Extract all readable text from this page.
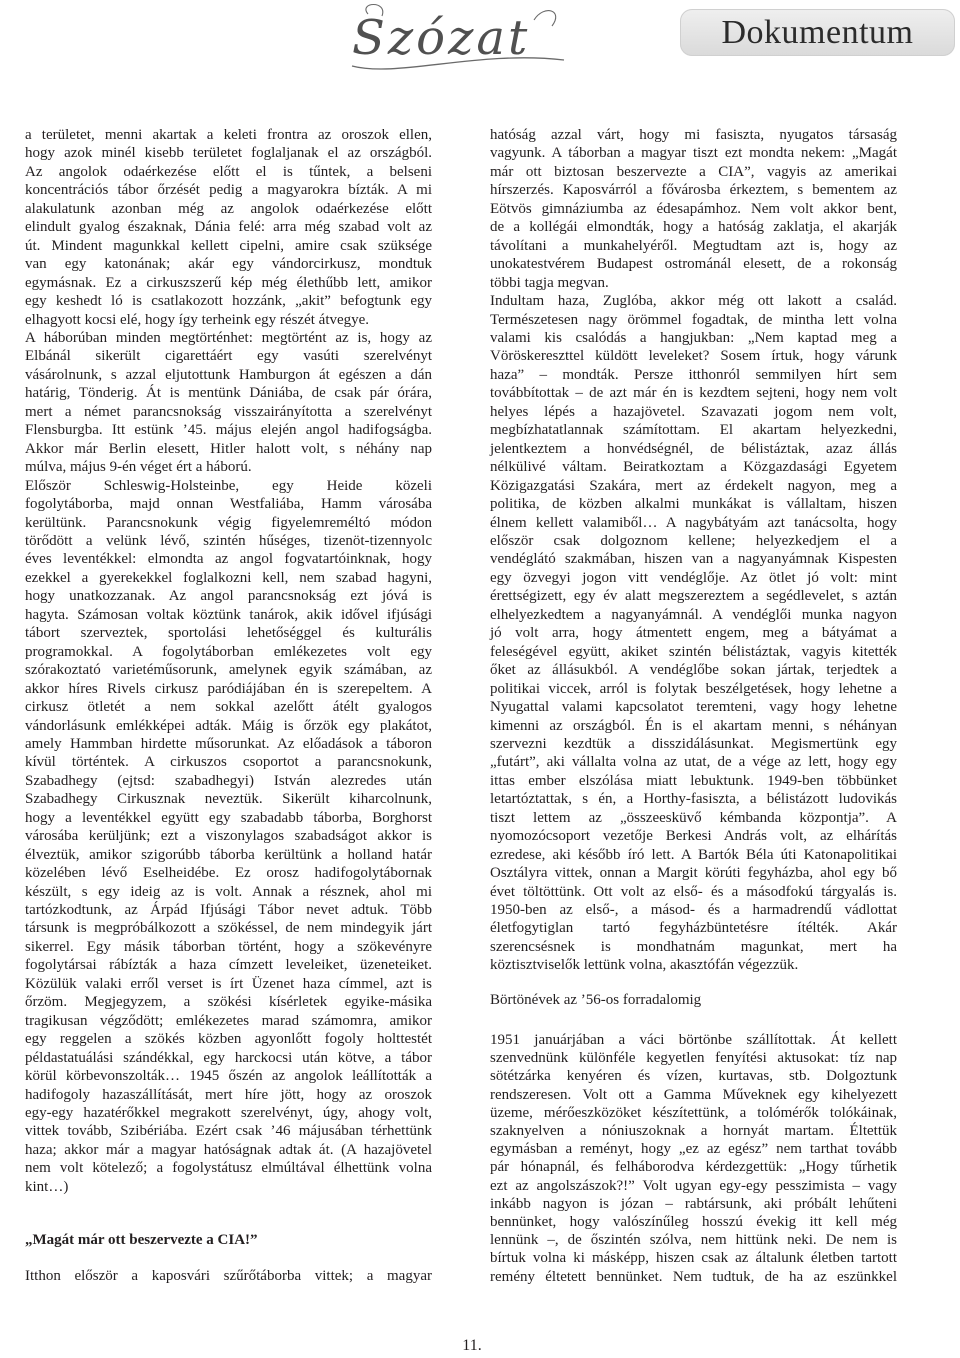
Szózat	Dokumentum
a területet, menni akartak a keleti frontra az oroszok ellen,
hogy azok minél kisebb területet foglaljanak el az országból.
Az angolok odaérkezése előtt el is tűntek, a belseni
koncentrációs tábor őrzését pedig a magyarokra bízták. A mi
alakulatunk azonban még az angolok odaérkezése előtt
elindult gyalog északnak, Dánia felé: arra még szabad volt az
út. Mindent magunkkal kellett cipelni, amire csak szüksége
van egy katonának; akár egy vándorcirkusz, mondtuk
egymásnak. Ez a cirkuszszerű kép még élethűbb lett, amikor
egy keshedt ló is csatlakozott hozzánk, „akit” befogtunk egy
elhagyott kocsi elé, hogy így terheink egy részét átvegye.
A háborúban minden megtörténhet: megtörtént az is, hogy az
Elbánál sikerült cigarettáért egy vasúti szerelvényt
vásárolnunk, s azzal eljutottunk Hamburgon át egészen a dán
határig, Tönderig. Át is mentünk Dániába, de csak pár órára,
mert a német parancsnokság visszairányította a szerelvényt
Flensburgba. Itt estünk ’45. május elején angol hadifogságba.
Akkor már Berlin elesett, Hitler halott volt, s néhány nap
múlva, május 9-én véget ért a háború.
Először Schleswig-Holsteinbe, egy Heide közeli
fogolytáborba, majd onnan Westfaliába, Hamm városába
kerültünk. Parancsnokunk végig figyelemreméltó módon
törődött a velünk lévő, szintén hűséges, tizenöt-tizennyolc
éves leventékkel: elmondta az angol fogvatartóinknak, hogy
ezekkel a gyerekekkel foglalkozni kell, nem szabad hagyni,
hogy unatkozzanak. Az angol parancsnokság ezt jóvá is
hagyta. Számosan voltak köztünk tanárok, akik idővel ifjúsági
tábort szerveztek, sportolási lehetőséggel és kulturális
programokkal. A fogolytáborban emlékezetes volt egy
szórakoztató varietéműsorunk, amelynek egyik számában, az
akkor híres Rivels cirkusz paródiájában én is szerepeltem. A
cirkusz ötletét a nem sokkal azelőtt átélt gyalogos
vándorlásunk emlékképei adták. Máig is őrzök egy plakátot,
amely Hammban hirdette műsorunkat. Az előadások a táboron
kívül történtek. A cirkuszos csoportot a parancsnokunk,
Szabadhegy (ejtsd: szabadhegyi) István alezredes után
Szabadhegy Cirkusznak neveztük. Sikerült kiharcolnunk,
hogy a leventékkel együtt egy szabadabb táborba, Borghorst
városába kerüljünk; ezt a viszonylagos szabadságot akkor is
élveztük, amikor szigorúbb táborba kerültünk a holland határ
közelében lévő Eselheidébe. Ez orosz hadifogolytábornak
készült, s egy ideig az is volt. Annak a résznek, ahol mi
tartózkodtunk, az Árpád Ifjúsági Tábor nevet adtuk. Több
társunk is megpróbálkozott a szökéssel, de nem mindegyik járt
sikerrel. Egy másik táborban történt, hogy a szökevényre
fogolytársai rábízták a haza címzett leveleiket, üzeneteiket.
Közülük valaki erről verset is írt Üzenet haza címmel, azt is
őrzöm. Megjegyzem, a szökési kísérletek egyike-másika
tragikusan végződött; emlékezetes marad számomra, amikor
egy reggelen a szökés közben agyonlőtt fogoly holttestét
példastatuálási szándékkal, egy harckocsi után kötve, a tábor
körül körbevonszolták… 1945 őszén az angolok leállították a
hadifogoly hazaszállítását, mert híre jött, hogy az oroszok
egy-egy hazatérőkkel megrakott szerelvényt, úgy, ahogy volt,
vittek tovább, Szibériába. Ezért csak ’46 májusában térhettünk
haza; akkor már a magyar hatóságnak adtak át. (A hazajövetel
nem volt kötelező; a fogolystátusz elmúltával élhettünk volna
kint…)
„Magát már ott beszervezte a CIA!”
Itthon először a kaposvári szűrőtáborba vittek; a magyar
hatóság azzal várt, hogy mi fasiszta, nyugatos társaság
vagyunk. A táborban a magyar tiszt ezt mondta nekem: „Magát
már ott biztosan beszervezte a CIA”, vagyis az amerikai
hírszerzés. Kaposvárról a fővárosba érkeztem, s bementem az
Eötvös gimnáziumba az édesapámhoz. Nem volt akkor bent,
de a kollégái elmondták, hogy a hatóság zaklatja, el akarják
távolítani a munkahelyéről. Megtudtam azt is, hogy az
unokatestvérem Budapest ostrománál elesett, de a rokonság
többi tagja megvan.
Indultam haza, Zuglóba, akkor még ott lakott a család.
Természetesen nagy örömmel fogadtak, de mintha lett volna
valami kis csalódás a hangjukban: „Nem kaptad meg a
Vöröskereszttel küldött leveleket? Sosem írtuk, hogy várunk
haza” – mondták. Persze itthonról semmilyen hírt sem
továbbítottak – de azt már én is kezdtem sejteni, hogy nem volt
helyes lépés a hazajövetel. Szavazati jogom nem volt,
megbízhatatlannak számítottam. El akartam helyezkedni,
jelentkeztem a honvédségnél, de bélistáztak, azaz állás
nélkülivé váltam. Beiratkoztam a Közgazdasági Egyetem
Közigazgatási Szakára, mert az érdekelt nagyon, meg a
politika, de közben alkalmi munkákat is vállaltam, hiszen
élnem kellett valamiből… A nagybátyám azt tanácsolta, hogy
először csak dolgoznom kellene; helyezkedjem el a
vendéglátó szakmában, hiszen van a nagyanyámnak Kispesten
egy özvegyi jogon vitt vendéglője. Az ötlet jó volt: mint
érettségizett, egy év alatt megszereztem a segédlevelet, s aztán
elhelyezkedtem a nagyanyámnál. A vendéglői munka nagyon
jó volt arra, hogy átmentett engem, meg a bátyámat a
feleségével együtt, akiket szintén bélistáztak, vagyis kitették
őket az állásukból. A vendéglőbe sokan jártak, terjedtek a
politikai viccek, arról is folytak beszélgetések, hogy lehetne a
Nyugattal valami kapcsolatot teremteni, vagy hogy lehetne
kimenni az országból. Én is el akartam menni, s néhányan
szervezni kezdtük a disszidálásunkat. Megismertünk egy
„futárt”, aki vállalta volna az utat, de a vége az lett, hogy egy
ittas ember elszólása miatt lebuktunk. 1949-ben többünket
letartóztattak, s én, a Horthy-fasiszta, a bélistázott ludovikás
tiszt lettem az „összeesküvő kémbanda központja”. A
nyomozócsoport vezetője Berkesi András volt, az elhárítás
ezredese, aki később író lett. A Bartók Béla úti Katonapolitikai
Osztályra vittek, onnan a Margit körúti fegyházba, ahol egy bő
évet töltöttünk. Ott volt az első- és a másodfokú tárgyalás is.
1950-ben az első-, a másod- és a harmadrendű vádlottat
életfogytiglan tartó fegyházbüntetésre ítélték. Akár
szerencsésnek is mondhatnám magunkat, mert ha
köztisztviselők lettünk volna, akasztófán végezzük.
Börtönévek az ’56-os forradalomig
1951 januárjában a váci börtönbe szállítottak. Át kellett
szenvednünk különféle kegyetlen fenyítési aktusokat: tíz nap
sötétzárka kenyéren és vízen, kurtavas, stb. Dolgoztunk
rendszeresen. Volt ott a Gamma Műveknek egy kihelyezett
üzeme, mérőeszközöket készítettünk, a tolómérők tolókáinak,
szaknyelven a nóniuszoknak a hornyát martam. Éltettük
egymásban a reményt, hogy „ez az egész” nem tarthat tovább
pár hónapnál, és felháborodva kérdezgettük: „Hogy tűrhetik
ezt az angolszászok?!” Volt ugyan egy-egy pesszimista – vagy
inkább nagyon is józan – rabtársunk, aki próbált lehűteni
bennünket, hogy valószínűleg hosszú évekig itt kell még
lennünk –, de őszintén szólva, nem hittünk neki. De nem is
bírtuk volna ki másképp, hiszen csak az általunk életben tartott
remény éltetett bennünket. Nem tudtuk, de ha az eszünkkel
11.
